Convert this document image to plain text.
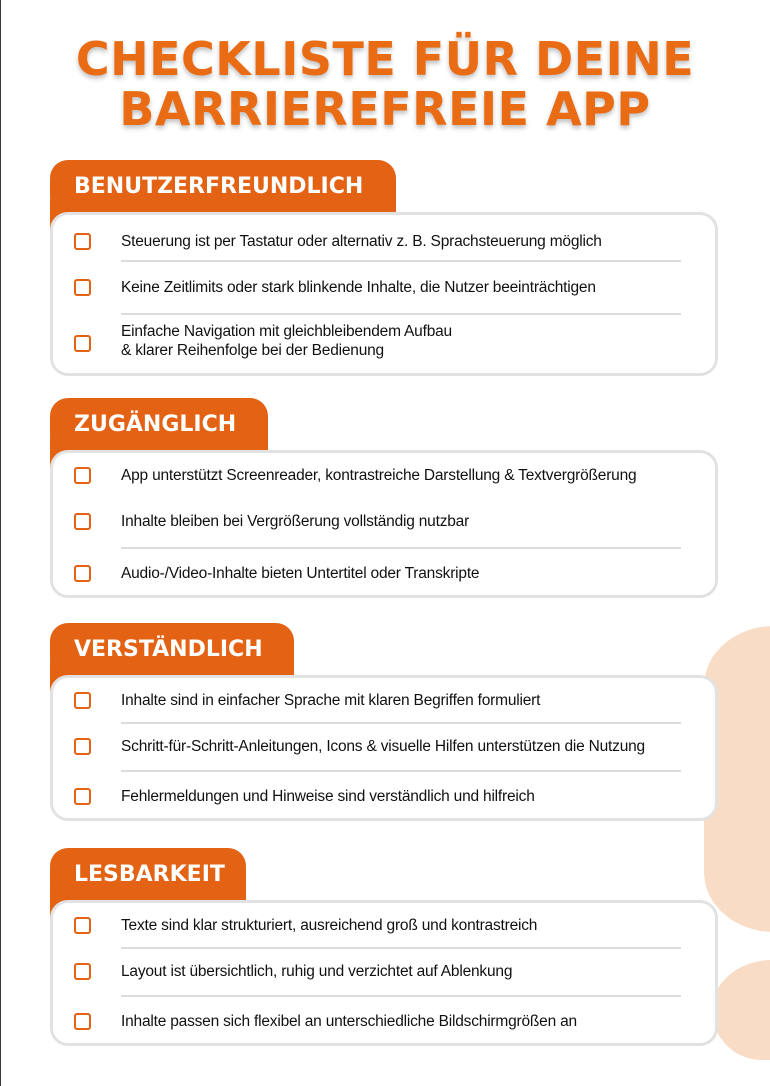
CHECKLISTE FÜR DEINE
BARRIEREFREIE APP
BENUTZERFREUNDLICH
Steuerung ist per Tastatur oder alternativ z. B. Sprachsteuerung möglich
Keine Zeitlimits oder stark blinkende Inhalte, die Nutzer beeinträchtigen
Einfache Navigation mit gleichbleibendem Aufbau
& klarer Reihenfolge bei der Bedienung
ZUGÄNGLICH
App unterstützt Screenreader, kontrastreiche Darstellung & Textvergrößerung
Inhalte bleiben bei Vergrößerung vollständig nutzbar
Audio-/Video-Inhalte bieten Untertitel oder Transkripte
VERSTÄNDLICH
Inhalte sind in einfacher Sprache mit klaren Begriffen formuliert
Schritt-für-Schritt-Anleitungen, Icons & visuelle Hilfen unterstützen die Nutzung
Fehlermeldungen und Hinweise sind verständlich und hilfreich
LESBARKEIT
Texte sind klar strukturiert, ausreichend groß und kontrastreich
Layout ist übersichtlich, ruhig und verzichtet auf Ablenkung
Inhalte passen sich flexibel an unterschiedliche Bildschirmgrößen an
